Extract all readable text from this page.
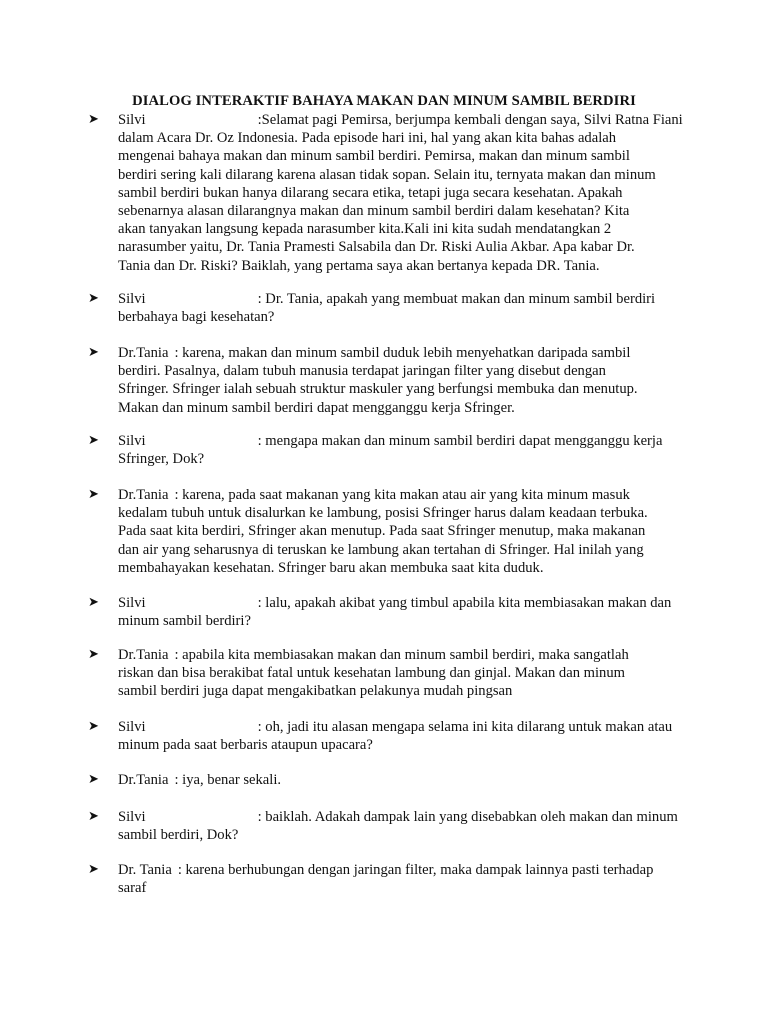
DIALOG INTERAKTIF BAHAYA MAKAN DAN MINUM SAMBIL BERDIRI
➤	Silvi	:Selamat pagi Pemirsa, berjumpa kembali dengan saya, Silvi Ratna Fiani
dalam Acara Dr. Oz Indonesia. Pada episode hari ini, hal yang akan kita bahas adalah
mengenai bahaya makan dan minum sambil berdiri. Pemirsa, makan dan minum sambil
berdiri sering kali dilarang karena alasan tidak sopan. Selain itu, ternyata makan dan minum
sambil berdiri bukan hanya dilarang secara etika, tetapi juga secara kesehatan. Apakah
sebenarnya alasan dilarangnya makan dan minum sambil berdiri dalam kesehatan? Kita
akan tanyakan langsung kepada narasumber kita.Kali ini kita sudah mendatangkan 2
narasumber yaitu, Dr. Tania Pramesti Salsabila dan Dr. Riski Aulia Akbar. Apa kabar Dr.
Tania dan Dr. Riski? Baiklah, yang pertama saya akan bertanya kepada DR. Tania.
➤	Silvi	: Dr. Tania, apakah yang membuat makan dan minum sambil berdiri
berbahaya bagi kesehatan?
➤	Dr.Tania : karena, makan dan minum sambil duduk lebih menyehatkan daripada sambil
berdiri. Pasalnya, dalam tubuh manusia terdapat jaringan filter yang disebut dengan
Sfringer. Sfringer ialah sebuah struktur maskuler yang berfungsi membuka dan menutup.
Makan dan minum sambil berdiri dapat mengganggu kerja Sfringer.
➤	Silvi	: mengapa makan dan minum sambil berdiri dapat mengganggu kerja
Sfringer, Dok?
➤	Dr.Tania : karena, pada saat makanan yang kita makan atau air yang kita minum masuk
kedalam tubuh untuk disalurkan ke lambung, posisi Sfringer harus dalam keadaan terbuka.
Pada saat kita berdiri, Sfringer akan menutup. Pada saat Sfringer menutup, maka makanan
dan air yang seharusnya di teruskan ke lambung akan tertahan di Sfringer. Hal inilah yang
membahayakan kesehatan. Sfringer baru akan membuka saat kita duduk.
➤	Silvi	: lalu, apakah akibat yang timbul apabila kita membiasakan makan dan
minum sambil berdiri?
➤	Dr.Tania : apabila kita membiasakan makan dan minum sambil berdiri, maka sangatlah
riskan dan bisa berakibat fatal untuk kesehatan lambung dan ginjal. Makan dan minum
sambil berdiri juga dapat mengakibatkan pelakunya mudah pingsan
➤	Silvi	: oh, jadi itu alasan mengapa selama ini kita dilarang untuk makan atau
minum pada saat berbaris ataupun upacara?
➤	Dr.Tania : iya, benar sekali.
➤	Silvi	: baiklah. Adakah dampak lain yang disebabkan oleh makan dan minum
sambil berdiri, Dok?
➤	Dr. Tania : karena berhubungan dengan jaringan filter, maka dampak lainnya pasti terhadap
saraf
